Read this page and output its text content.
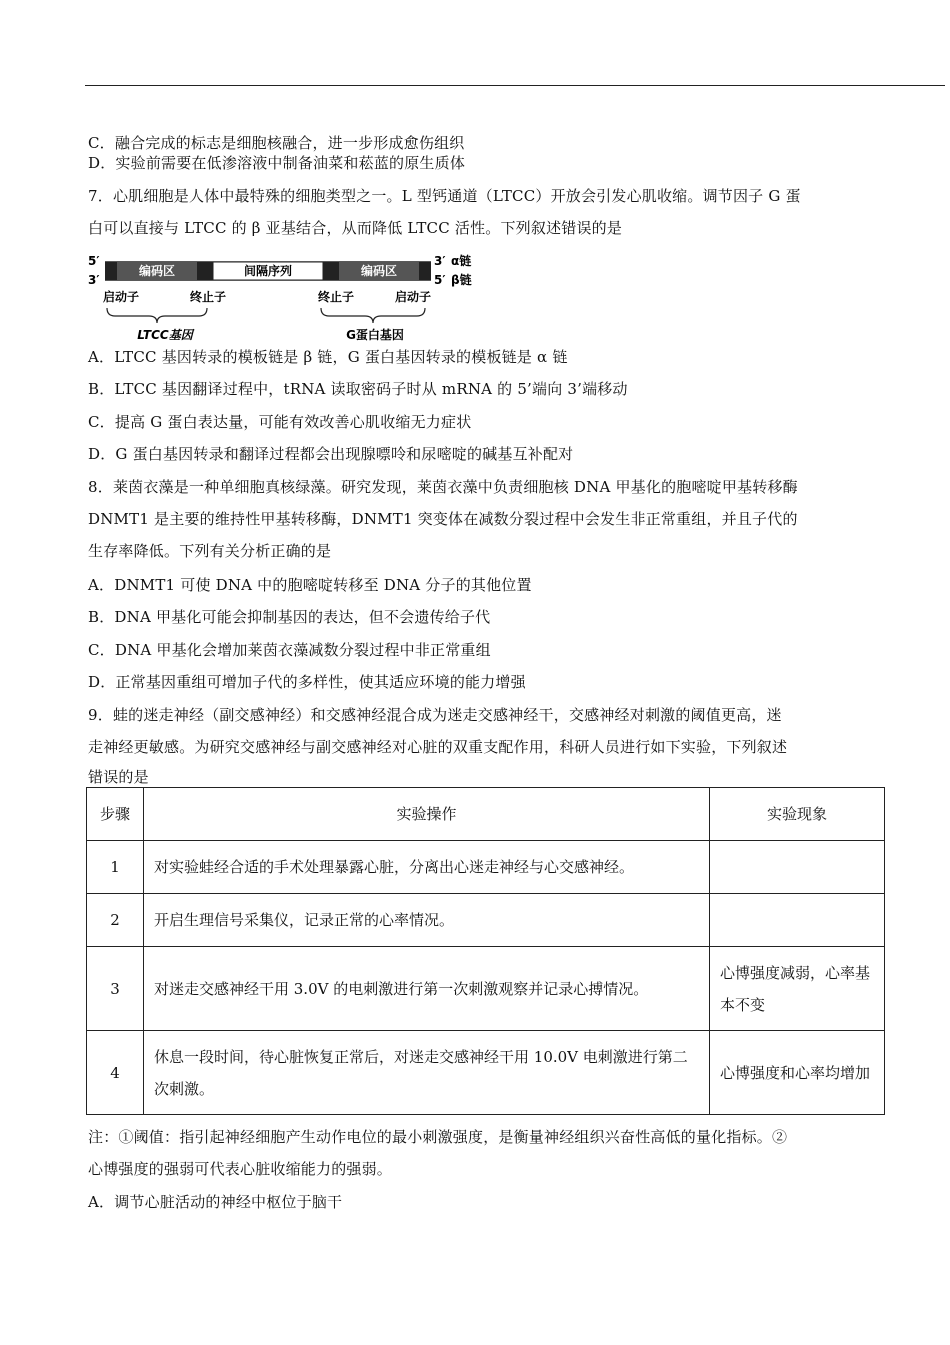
C．融合完成的标志是细胞核融合，进一步形成愈伤组织
D．实验前需要在低渗溶液中制备油菜和菘蓝的原生质体
7．心肌细胞是人体中最特殊的细胞类型之一。L 型钙通道（LTCC）开放会引发心肌收缩。调节因子 G 蛋
白可以直接与 LTCC 的 β 亚基结合，从而降低 LTCC 活性。下列叙述错误的是
5′
3′
编码区	间隔序列	编码区
3′ α链
5′ β链
启动子	终止子	终止子	启动子
LTCC基因	G蛋白基因
A．LTCC 基因转录的模板链是 β 链，G 蛋白基因转录的模板链是 α 链
B．LTCC 基因翻译过程中，tRNA 读取密码子时从 mRNA 的 5’端向 3’端移动
C．提高 G 蛋白表达量，可能有效改善心肌收缩无力症状
D．G 蛋白基因转录和翻译过程都会出现腺嘌呤和尿嘧啶的碱基互补配对
8．莱茵衣藻是一种单细胞真核绿藻。研究发现，莱茵衣藻中负责细胞核 DNA 甲基化的胞嘧啶甲基转移酶
DNMT1 是主要的维持性甲基转移酶，DNMT1 突变体在减数分裂过程中会发生非正常重组，并且子代的
生存率降低。下列有关分析正确的是
A．DNMT1 可使 DNA 中的胞嘧啶转移至 DNA 分子的其他位置
B．DNA 甲基化可能会抑制基因的表达，但不会遗传给子代
C．DNA 甲基化会增加莱茵衣藻减数分裂过程中非正常重组
D．正常基因重组可增加子代的多样性，使其适应环境的能力增强
9．蛙的迷走神经（副交感神经）和交感神经混合成为迷走交感神经干，交感神经对刺激的阈值更高，迷
走神经更敏感。为研究交感神经与副交感神经对心脏的双重支配作用，科研人员进行如下实验，下列叙述
错误的是
步骤	实验操作	实验现象
1	对实验蛙经合适的手术处理暴露心脏，分离出心迷走神经与心交感神经。	
2	开启生理信号采集仪，记录正常的心率情况。	
3	对迷走交感神经干用 3.0V 的电刺激进行第一次刺激观察并记录心搏情况。	心博强度减弱，心率基本不变
4	休息一段时间，待心脏恢复正常后，对迷走交感神经干用 10.0V 电刺激进行第二次刺激。	心博强度和心率均增加
注：①阈值：指引起神经细胞产生动作电位的最小刺激强度，是衡量神经组织兴奋性高低的量化指标。②
心博强度的强弱可代表心脏收缩能力的强弱。
A．调节心脏活动的神经中枢位于脑干
